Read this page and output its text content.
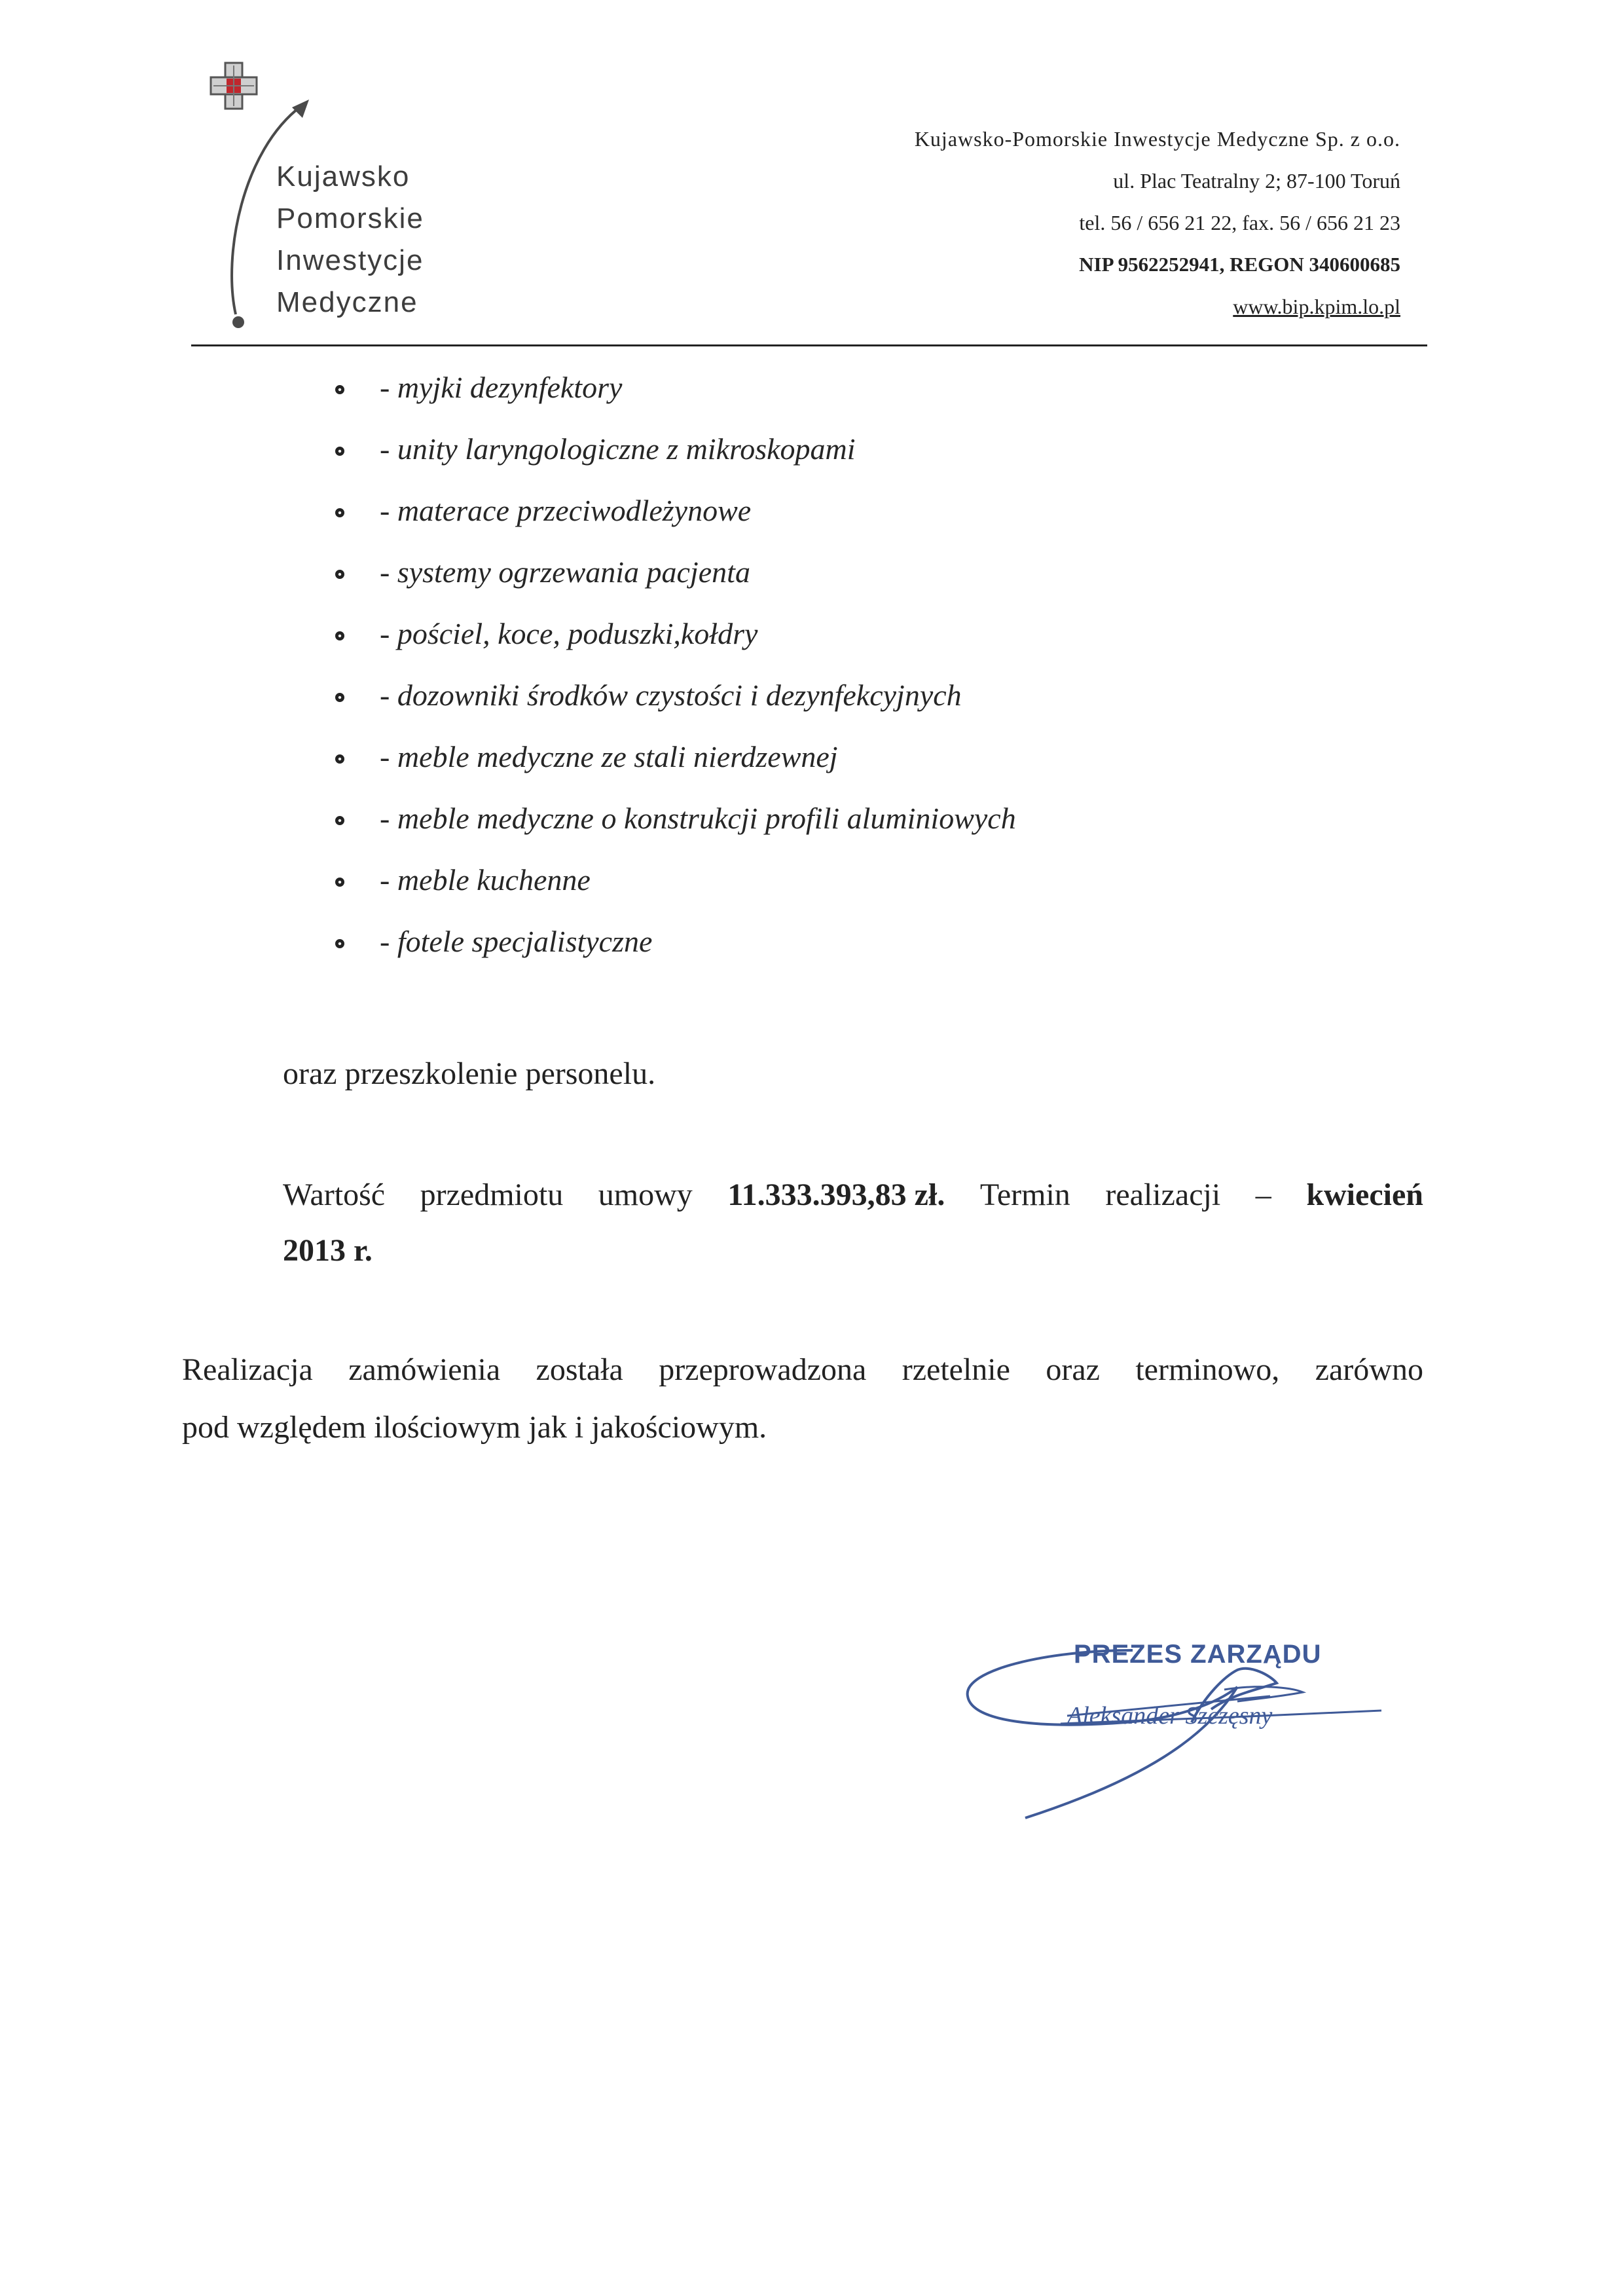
Kujawsko
Pomorskie
Inwestycje
Medyczne
Kujawsko-Pomorskie Inwestycje Medyczne Sp. z o.o.
ul. Plac Teatralny 2; 87-100 Toruń
tel. 56 / 656 21 22, fax. 56 / 656 21 23
NIP 9562252941, REGON 340600685
www.bip.kpim.lo.pl
- myjki dezynfektory
- unity laryngologiczne z mikroskopami
- materace przeciwodleżynowe
- systemy ogrzewania pacjenta
- pościel, koce, poduszki,kołdry
- dozowniki środków czystości i dezynfekcyjnych
- meble medyczne ze stali nierdzewnej
- meble medyczne o konstrukcji profili aluminiowych
- meble kuchenne
- fotele specjalistyczne
oraz przeszkolenie personelu.
Wartość przedmiotu umowy 11.333.393,83 zł. Termin realizacji – kwiecień
2013 r.
Realizacja zamówienia została przeprowadzona rzetelnie oraz terminowo, zarówno
pod względem ilościowym jak i jakościowym.
PREZES ZARZĄDU
Aleksander Szczęsny
